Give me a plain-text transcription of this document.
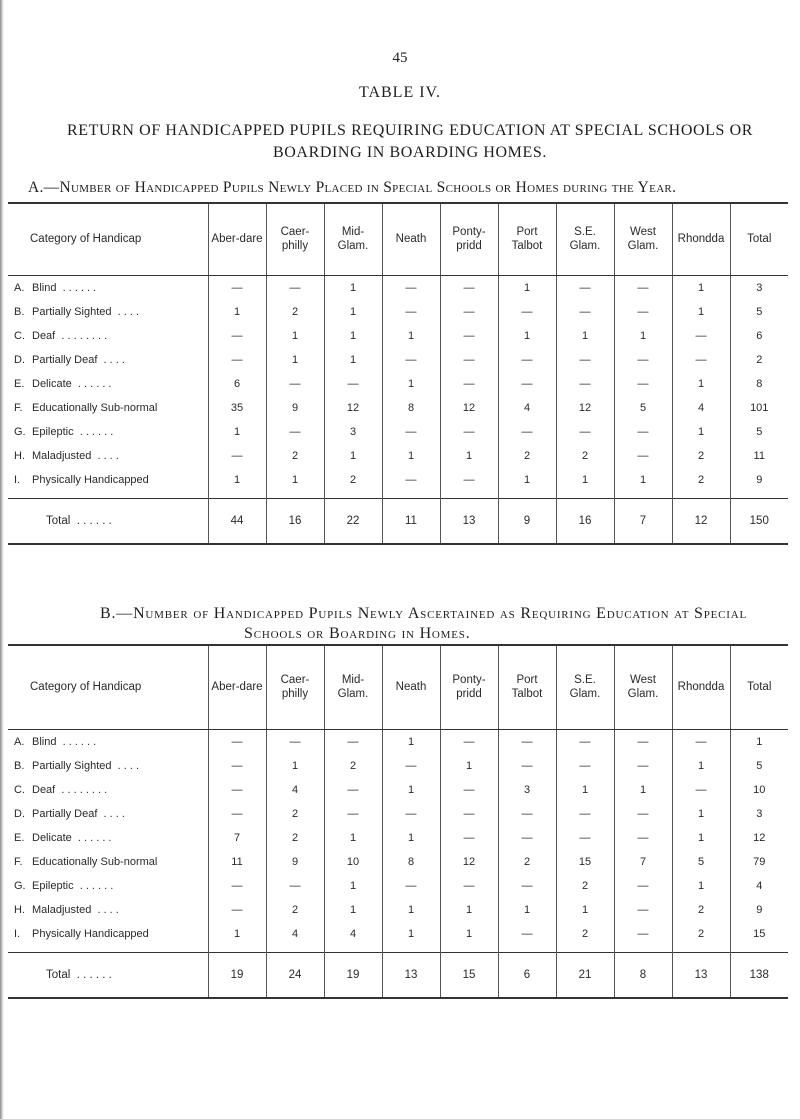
45
TABLE IV.
RETURN OF HANDICAPPED PUPILS REQUIRING EDUCATION AT SPECIAL SCHOOLS OR
BOARDING IN BOARDING HOMES.
A.—Number of Handicapped Pupils Newly Placed in Special Schools or Homes during the Year.
Category of Handicap	Aber-dare	Caer-philly	Mid-Glam.	Neath	Ponty-pridd	Port Talbot	S.E. Glam.	West Glam.	Rhondda	Total
A. Blind . . . . . .	—	—	1	—	—	1	—	—	1	3
B. Partially Sighted . . . .	1	2	1	—	—	—	—	—	1	5
C. Deaf . . . . . . . .	—	1	1	1	—	1	1	1	—	6
D. Partially Deaf . . . .	—	1	1	—	—	—	—	—	—	2
E. Delicate . . . . . .	6	—	—	1	—	—	—	—	1	8
F. Educationally Sub-normal	35	9	12	8	12	4	12	5	4	101
G. Epileptic . . . . . .	1	—	3	—	—	—	—	—	1	5
H. Maladjusted . . . .	—	2	1	1	1	2	2	—	2	11
I. Physically Handicapped	1	1	2	—	—	1	1	1	2	9
Total . . . . . .	44	16	22	11	13	9	16	7	12	150
B.—Number of Handicapped Pupils Newly Ascertained as Requiring Education at Special
Schools or Boarding in Homes.
Category of Handicap	Aber-dare	Caer-philly	Mid-Glam.	Neath	Ponty-pridd	Port Talbot	S.E. Glam.	West Glam.	Rhondda	Total
A. Blind . . . . . .	—	—	—	1	—	—	—	—	—	1
B. Partially Sighted . . . .	—	1	2	—	1	—	—	—	1	5
C. Deaf . . . . . . . .	—	4	—	1	—	3	1	1	—	10
D. Partially Deaf . . . .	—	2	—	—	—	—	—	—	1	3
E. Delicate . . . . . .	7	2	1	1	—	—	—	—	1	12
F. Educationally Sub-normal	11	9	10	8	12	2	15	7	5	79
G. Epileptic . . . . . .	—	—	1	—	—	—	2	—	1	4
H. Maladjusted . . . .	—	2	1	1	1	1	1	—	2	9
I. Physically Handicapped	1	4	4	1	1	—	2	—	2	15
Total . . . . . .	19	24	19	13	15	6	21	8	13	138
